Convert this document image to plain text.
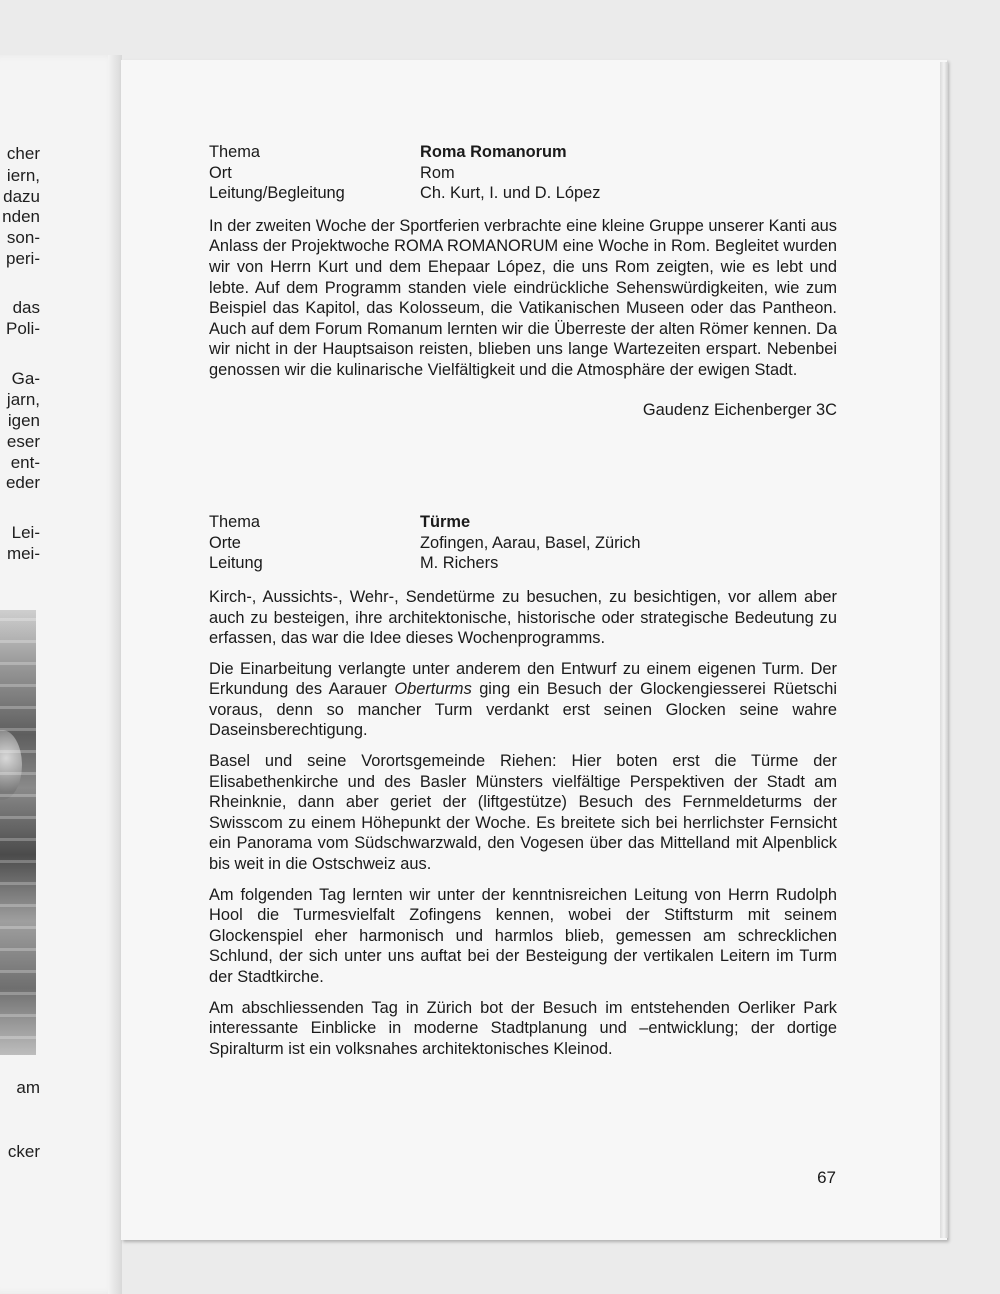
cher
iern,
dazu
nden
son-
peri-
das
Poli-
Ga-
jarn,
igen
eser
ent-
eder
Lei-
mei-
am
cker
Thema	Roma Romanorum
Ort	Rom
Leitung/Begleitung	Ch. Kurt, I. und D. López

In der zweiten Woche der Sportferien verbrachte eine kleine Gruppe unserer Kanti aus Anlass der Projektwoche ROMA ROMANORUM eine Woche in Rom. Begleitet wurden wir von Herrn Kurt und dem Ehepaar López, die uns Rom zeigten, wie es lebt und lebte. Auf dem Programm standen viele eindrückliche Sehenswürdigkeiten, wie zum Beispiel das Kapitol, das Kolosseum, die Vatikanischen Museen oder das Pantheon. Auch auf dem Forum Romanum lernten wir die Überreste der alten Römer kennen. Da wir nicht in der Hauptsaison reisten, blieben uns lange Wartezeiten erspart. Nebenbei genossen wir die kulinarische Vielfältigkeit und die Atmosphäre der ewigen Stadt.

Gaudenz Eichenberger 3C
Thema	Türme
Orte	Zofingen, Aarau, Basel, Zürich
Leitung	M. Richers

Kirch-, Aussichts-, Wehr-, Sendetürme zu besuchen, zu besichtigen, vor allem aber auch zu besteigen, ihre architektonische, historische oder strategische Bedeutung zu erfassen, das war die Idee dieses Wochenprogramms.

Die Einarbeitung verlangte unter anderem den Entwurf zu einem eigenen Turm. Der Erkundung des Aarauer Oberturms ging ein Besuch der Glockengiesserei Rüetschi voraus, denn so mancher Turm verdankt erst seinen Glocken seine wahre Daseinsberechtigung.

Basel und seine Vorortsgemeinde Riehen: Hier boten erst die Türme der Elisabethenkirche und des Basler Münsters vielfältige Perspektiven der Stadt am Rheinknie, dann aber geriet der (liftgestütze) Besuch des Fernmeldeturms der Swisscom zu einem Höhepunkt der Woche. Es breitete sich bei herrlichster Fernsicht ein Panorama vom Südschwarzwald, den Vogesen über das Mittelland mit Alpenblick bis weit in die Ostschweiz aus.

Am folgenden Tag lernten wir unter der kenntnisreichen Leitung von Herrn Rudolph Hool die Turmesvielfalt Zofingens kennen, wobei der Stiftsturm mit seinem Glockenspiel eher harmonisch und harmlos blieb, gemessen am schrecklichen Schlund, der sich unter uns auftat bei der Besteigung der vertikalen Leitern im Turm der Stadtkirche.

Am abschliessenden Tag in Zürich bot der Besuch im entstehenden Oerliker Park interessante Einblicke in moderne Stadtplanung und –entwicklung; der dortige Spiralturm ist ein volksnahes architektonisches Kleinod.

67
